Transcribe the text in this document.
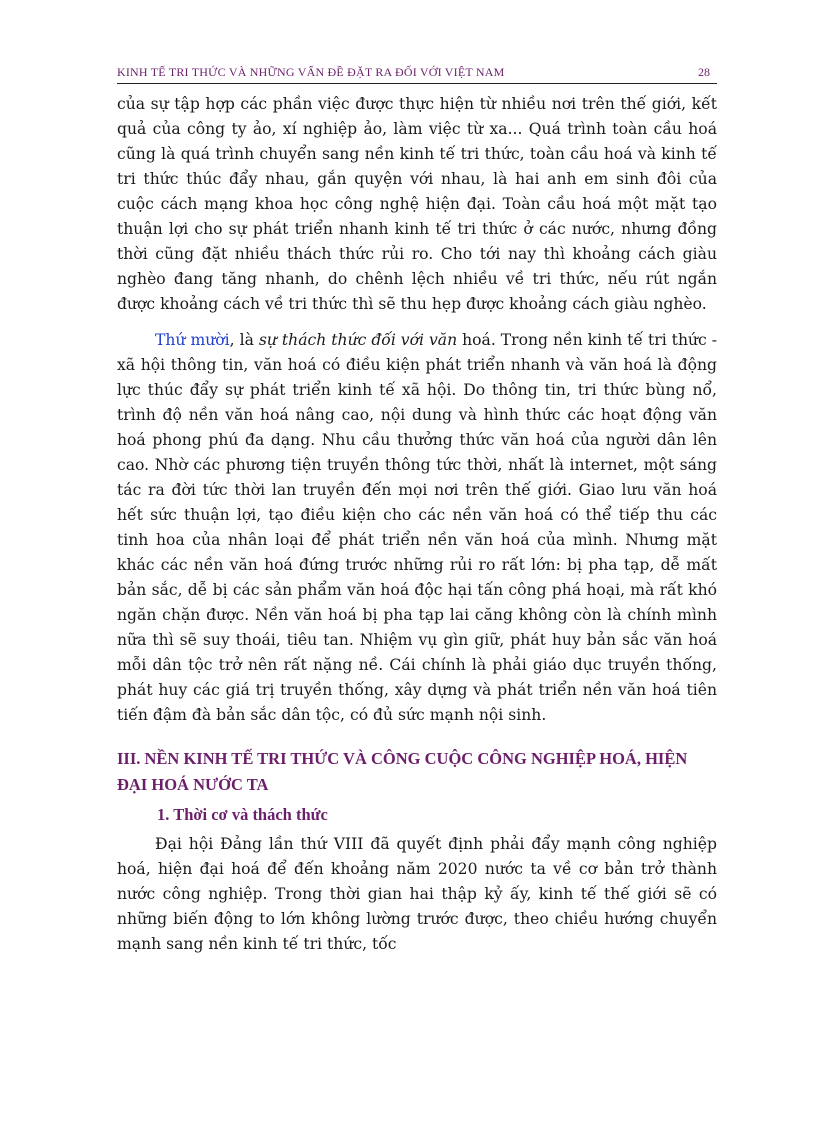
KINH TẾ TRI THỨC VÀ NHỮNG VẤN ĐỀ ĐẶT RA ĐỐI VỚI VIỆT NAM	28

của sự tập hợp các phần việc được thực hiện từ nhiều nơi trên thế giới, kết quả của công ty ảo, xí nghiệp ảo, làm việc từ xa... Quá trình toàn cầu hoá cũng là quá trình chuyển sang nền kinh tế tri thức, toàn cầu hoá và kinh tế tri thức thúc đẩy nhau, gắn quyện với nhau, là hai anh em sinh đôi của cuộc cách mạng khoa học công nghệ hiện đại. Toàn cầu hoá một mặt tạo thuận lợi cho sự phát triển nhanh kinh tế tri thức ở các nước, nhưng đồng thời cũng đặt nhiều thách thức rủi ro. Cho tới nay thì khoảng cách giàu nghèo đang tăng nhanh, do chênh lệch nhiều về tri thức, nếu rút ngắn được khoảng cách về tri thức thì sẽ thu hẹp được khoảng cách giàu nghèo.

Thứ mười, là sự thách thức đối với văn hoá. Trong nền kinh tế tri thức - xã hội thông tin, văn hoá có điều kiện phát triển nhanh và văn hoá là động lực thúc đẩy sự phát triển kinh tế xã hội. Do thông tin, tri thức bùng nổ, trình độ nền văn hoá nâng cao, nội dung và hình thức các hoạt động văn hoá phong phú đa dạng. Nhu cầu thưởng thức văn hoá của người dân lên cao. Nhờ các phương tiện truyền thông tức thời, nhất là internet, một sáng tác ra đời tức thời lan truyền đến mọi nơi trên thế giới. Giao lưu văn hoá hết sức thuận lợi, tạo điều kiện cho các nền văn hoá có thể tiếp thu các tinh hoa của nhân loại để phát triển nền văn hoá của mình. Nhưng mặt khác các nền văn hoá đứng trước những rủi ro rất lớn: bị pha tạp, dễ mất bản sắc, dễ bị các sản phẩm văn hoá độc hại tấn công phá hoại, mà rất khó ngăn chặn được. Nền văn hoá bị pha tạp lai căng không còn là chính mình nữa thì sẽ suy thoái, tiêu tan. Nhiệm vụ gìn giữ, phát huy bản sắc văn hoá mỗi dân tộc trở nên rất nặng nề. Cái chính là phải giáo dục truyền thống, phát huy các giá trị truyền thống, xây dựng và phát triển nền văn hoá tiên tiến đậm đà bản sắc dân tộc, có đủ sức mạnh nội sinh.

III. NỀN KINH TẾ TRI THỨC VÀ CÔNG CUỘC CÔNG NGHIỆP HOÁ, HIỆN ĐẠI HOÁ NƯỚC TA
1. Thời cơ và thách thức

Đại hội Đảng lần thứ VIII đã quyết định phải đẩy mạnh công nghiệp hoá, hiện đại hoá để đến khoảng năm 2020 nước ta về cơ bản trở thành nước công nghiệp. Trong thời gian hai thập kỷ ấy, kinh tế thế giới sẽ có những biến động to lớn không lường trước được, theo chiều hướng chuyển mạnh sang nền kinh tế tri thức, tốc
